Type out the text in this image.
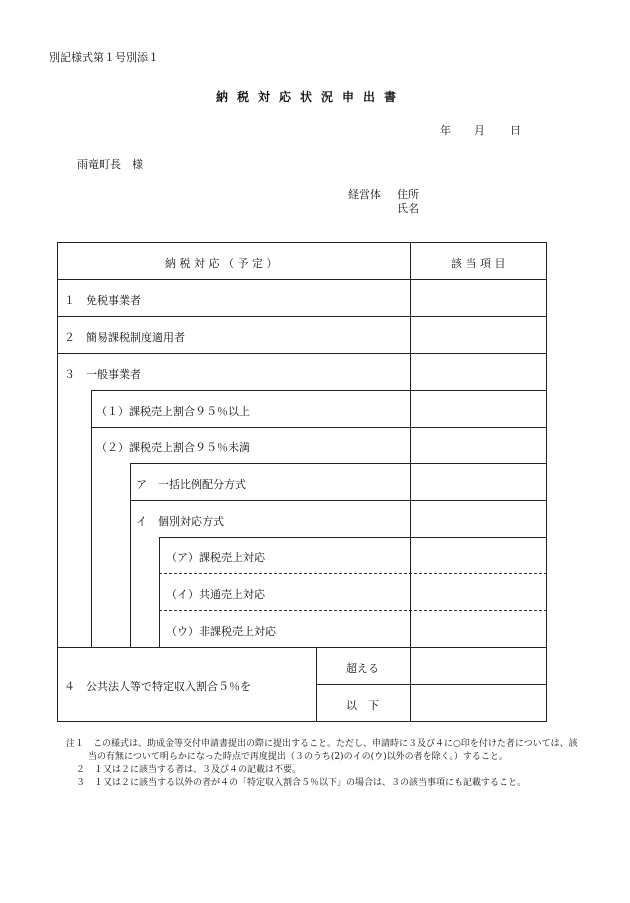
別記様式第１号別添１
納税対応状況申出書
年 月 日
雨竜町長　様
経営体 住所
氏名
納 税 対 応 （ 予 定 ）	該 当 項 目
１　免税事業者
２　簡易課税制度適用者
３　一般事業者
（１）課税売上割合９５％以上
（２）課税売上割合９５％未満
ア　一括比例配分方式
イ　個別対応方式
（ア）課税売上対応
（イ）共通売上対応
（ウ）非課税売上対応
４　公共法人等で特定収入割合５％を
超える
以　下

注１　この様式は、助成金等交付申請書提出の際に提出すること。ただし、申請時に３及び４に○印を付けた者については、該当の有無について明らかになった時点で再度提出（３のうち(2)のイの(ウ)以外の者を除く。）すること。

２　１又は２に該当する者は、３及び４の記載は不要。

３　１又は２に該当する以外の者が４の「特定収入割合５％以下」の場合は、３の該当事項にも記載すること。
